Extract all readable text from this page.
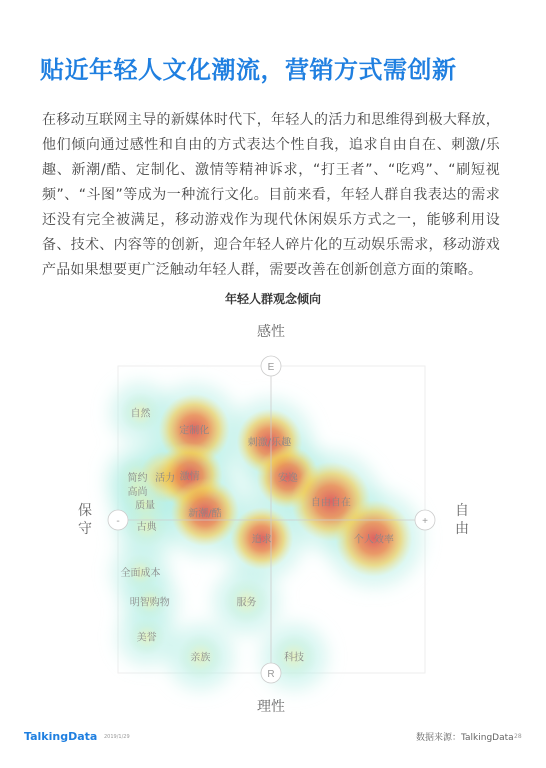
贴近年轻人文化潮流，营销方式需创新
在移动互联网主导的新媒体时代下，年轻人的活力和思维得到极大释放，他们倾向通过感性和自由的方式表达个性自我，追求自由自在、刺激/乐趣、新潮/酷、定制化、激情等精神诉求，“打王者”、“吃鸡”、“刷短视频”、“斗图”等成为一种流行文化。目前来看，年轻人群自我表达的需求还没有完全被满足，移动游戏作为现代休闲娱乐方式之一，能够利用设备、技术、内容等的创新，迎合年轻人碎片化的互动娱乐需求，移动游戏产品如果想要更广泛触动年轻人群，需要改善在创新创意方面的策略。
年轻人群观念倾向
E
R
-	+
感性
理性
保守
自由
自然
定制化
刺激/乐趣
简约 活力 激情	安逸
高尚
质量	自由自在
新潮/酷
古典
追求	个人效率
全面成本
明智购物	服务
美誉
亲族	科技
TalkingData 2019/1/29	数据来源：TalkingData 28
